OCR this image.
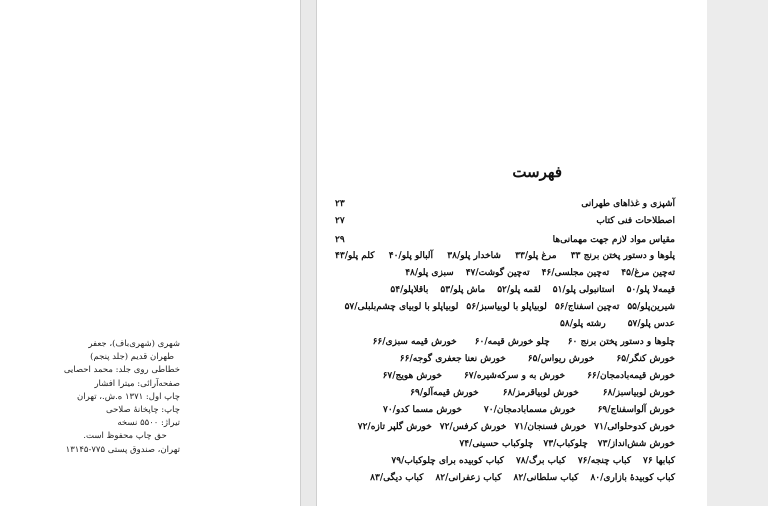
شهری (شهری‌باف)، جعفر
طهران قدیم (جلد پنجم)
خطاطی روی جلد: محمد احصایی
صفحه‌آرائی: میترا افشار
چاپ اول: ۱۳۷۱ ه.ش.، تهران
چاپ: چاپخانهٔ صلاحی
تیراژ: ۵۵۰۰ نسخه
حق چاپ محفوظ است.
تهران، صندوق پستی ۷۷۵-۱۳۱۴۵
فهرست
آشپزی و غذاهای طهرانی
۲۳
اصطلاحات فنی کتاب
۲۷
مقیاس مواد لازم جهت مهمانی‌ها
۲۹
پلوها و دستور پختن برنج ۳۳
مرغ پلو/۳۳
شاخدار پلو/۳۸
آلبالو پلو/۴۰
کلم پلو/۴۳
ته‌چین مرغ/۴۵
ته‌چین مجلسی/۴۶
ته‌چین گوشت/۴۷
سبزی پلو/۴۸
قیمه‌لا پلو/۵۰
استانبولی پلو/۵۱
لقمه پلو/۵۲
ماش پلو/۵۳
باقلاپلو/۵۴
شیرین‌پلو/۵۵
ته‌چین اسفناج/۵۶
لوبیاپلو با لوبیاسبز/۵۶
لوبیاپلو با لوبیای چشم‌بلبلی/۵۷
عدس پلو/۵۷
رشته پلو/۵۸
چلوها و دستور پختن برنج ۶۰
چلو خورش قیمه/۶۰
خورش قیمه سبزی/۶۶
خورش کنگر/۶۵
خورش ریواس/۶۵
خورش نعنا جعفری گوجه/۶۶
خورش قیمه‌بادمجان/۶۶
خورش به و سرکه‌شیره/۶۷
خورش هویج/۶۷
خورش لوبیاسبز/۶۸
خورش لوبیاقرمز/۶۸
خورش قیمه‌آلو/۶۹
خورش آلواسفناج/۶۹
خورش مسمابادمجان/۷۰
خورش مسما کدو/۷۰
خورش کدوحلوائی/۷۱
خورش فسنجان/۷۱
خورش کرفس/۷۲
خورش گلپر تازه/۷۲
خورش شش‌انداز/۷۳
چلوکباب/۷۳
چلوکباب حسینی/۷۴
کبابها ۷۶
کباب چنجه/۷۶
کباب برگ/۷۸
کباب کوبیده برای چلوکباب/۷۹
کباب کوبیدهٔ بازاری/۸۰
کباب سلطانی/۸۲
کباب زعفرانی/۸۲
کباب دیگی/۸۳
